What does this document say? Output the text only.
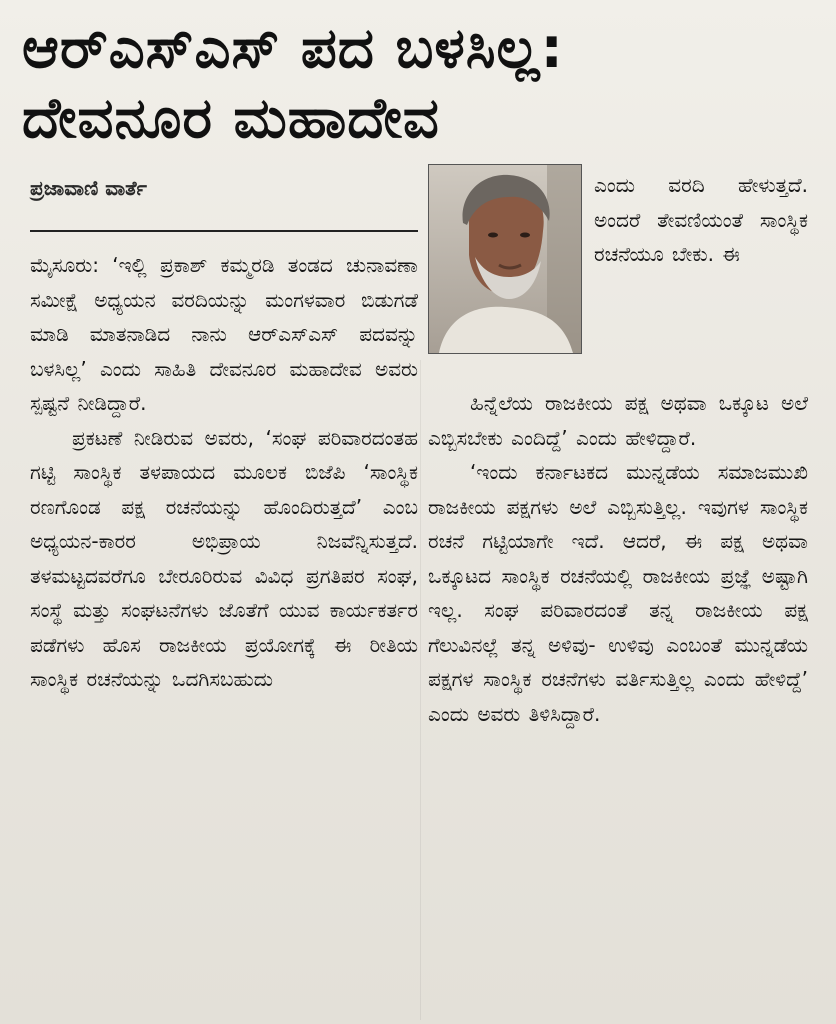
ಆರ್‌ಎಸ್‌ಎಸ್ ಪದ ಬಳಸಿಲ್ಲ:
ದೇವನೂರ ಮಹಾದೇವ
ಪ್ರಜಾವಾಣಿ ವಾರ್ತೆ

ಮೈಸೂರು: ‘ಇಲ್ಲಿ ಪ್ರಕಾಶ್ ಕಮ್ಮರಡಿ ತಂಡದ ಚುನಾವಣಾ ಸಮೀಕ್ಷೆ ಅಧ್ಯಯನ ವರದಿಯನ್ನು ಮಂಗಳವಾರ ಬಿಡುಗಡೆ ಮಾಡಿ ಮಾತನಾಡಿದ ನಾನು ಆರ್‌ಎಸ್‌ಎಸ್ ಪದವನ್ನು ಬಳಸಿಲ್ಲ’ ಎಂದು ಸಾಹಿತಿ ದೇವನೂರ ಮಹಾದೇವ ಅವರು ಸ್ಪಷ್ಟನೆ ನೀಡಿದ್ದಾರೆ.

ಪ್ರಕಟಣೆ ನೀಡಿರುವ ಅವರು, ‘ಸಂಘ ಪರಿವಾರದಂತಹ ಗಟ್ಟಿ ಸಾಂಸ್ಥಿಕ ತಳಪಾಯದ ಮೂಲಕ ಬಿಜೆಪಿ ‘ಸಾಂಸ್ಥಿಕ ರಣಗೊಂಡ ಪಕ್ಷ ರಚನೆಯನ್ನು ಹೊಂದಿರುತ್ತದೆ’ ಎಂಬ ಅಧ್ಯಯನ-ಕಾರರ ಅಭಿಪ್ರಾಯ ನಿಜವೆನ್ನಿಸುತ್ತದೆ. ತಳಮಟ್ಟದವರೆಗೂ ಬೇರೂರಿರುವ ವಿವಿಧ ಪ್ರಗತಿಪರ ಸಂಘ, ಸಂಸ್ಥೆ ಮತ್ತು ಸಂಘಟನೆಗಳು ಜೊತೆಗೆ ಯುವ ಕಾರ್ಯಕರ್ತರ ಪಡೆಗಳು ಹೊಸ ರಾಜಕೀಯ ಪ್ರಯೋಗಕ್ಕೆ ಈ ರೀತಿಯ ಸಾಂಸ್ಥಿಕ ರಚನೆಯನ್ನು ಒದಗಿಸಬಹುದು

ಎಂದು ವರದಿ ಹೇಳುತ್ತದೆ. ಅಂದರೆ ತೇವಣಿಯಂತೆ ಸಾಂಸ್ಥಿಕ ರಚನೆಯೂ ಬೇಕು. ಈ

ಹಿನ್ನೆಲೆಯ ರಾಜಕೀಯ ಪಕ್ಷ ಅಥವಾ ಒಕ್ಕೂಟ ಅಲೆ ಎಬ್ಬಿಸಬೇಕು ಎಂದಿದ್ದೆ’ ಎಂದು ಹೇಳಿದ್ದಾರೆ.

‘ಇಂದು ಕರ್ನಾಟಕದ ಮುನ್ನಡೆಯ ಸಮಾಜಮುಖಿ ರಾಜಕೀಯ ಪಕ್ಷಗಳು ಅಲೆ ಎಬ್ಬಿಸುತ್ತಿಲ್ಲ. ಇವುಗಳ ಸಾಂಸ್ಥಿಕ ರಚನೆ ಗಟ್ಟಿಯಾಗೇ ಇದೆ. ಆದರೆ, ಈ ಪಕ್ಷ ಅಥವಾ ಒಕ್ಕೂಟದ ಸಾಂಸ್ಥಿಕ ರಚನೆಯಲ್ಲಿ ರಾಜಕೀಯ ಪ್ರಜ್ಞೆ ಅಷ್ಟಾಗಿ ಇಲ್ಲ. ಸಂಘ ಪರಿವಾರದಂತೆ ತನ್ನ ರಾಜಕೀಯ ಪಕ್ಷ ಗೆಲುವಿನಲ್ಲೆ ತನ್ನ ಅಳಿವು- ಉಳಿವು ಎಂಬಂತೆ ಮುನ್ನಡೆಯ ಪಕ್ಷಗಳ ಸಾಂಸ್ಥಿಕ ರಚನೆಗಳು ವರ್ತಿಸುತ್ತಿಲ್ಲ ಎಂದು ಹೇಳಿದ್ದೆ’ ಎಂದು ಅವರು ತಿಳಿಸಿದ್ದಾರೆ.
